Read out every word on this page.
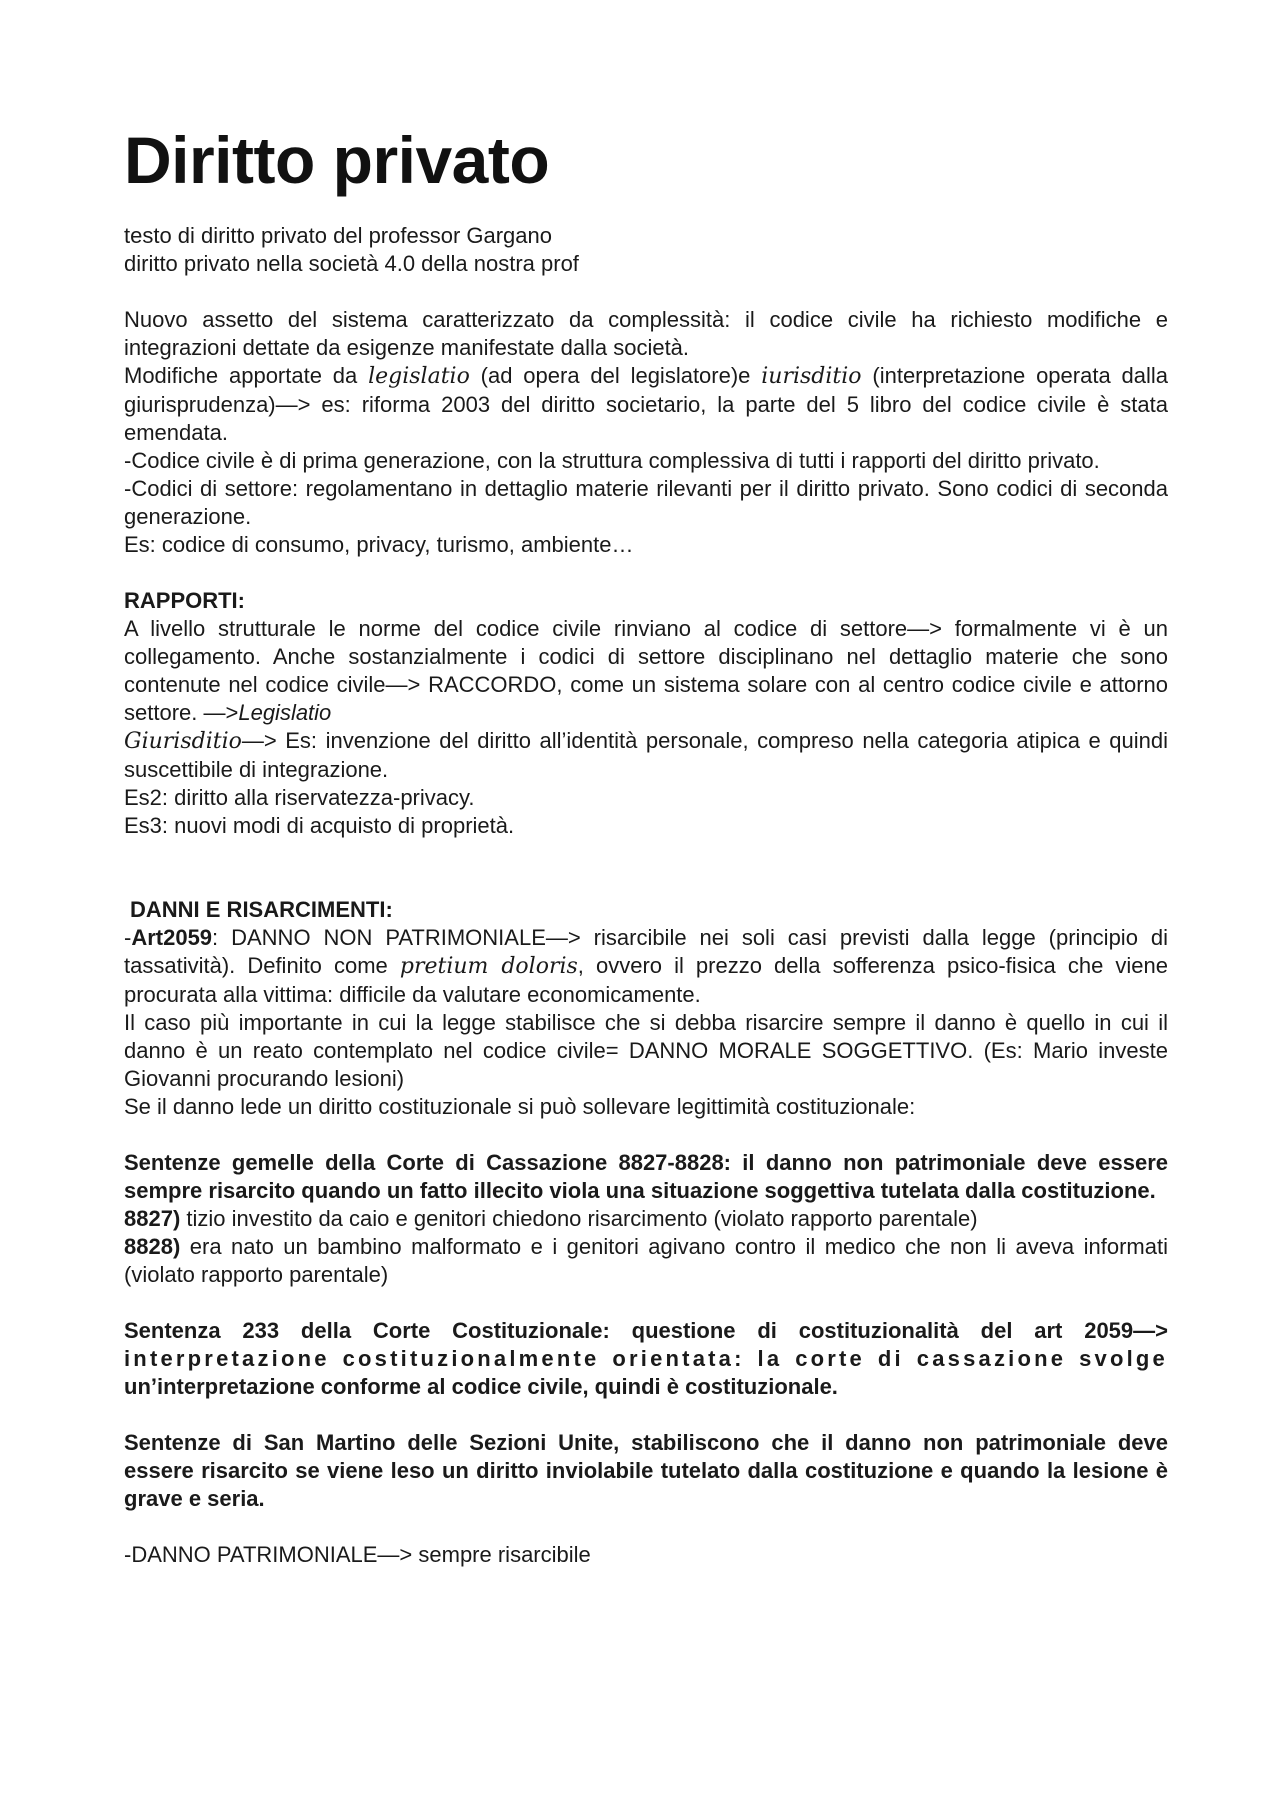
Diritto privato

testo di diritto privato del professor Gargano

diritto privato nella società 4.0 della nostra prof

Nuovo assetto del sistema caratterizzato da complessità: il codice civile ha richiesto modifiche e integrazioni dettate da esigenze manifestate dalla società.

Modifiche apportate da legislatio (ad opera del legislatore)e iurisditio (interpretazione operata dalla giurisprudenza)—> es: riforma 2003 del diritto societario, la parte del 5 libro del codice civile è stata emendata.

-Codice civile è di prima generazione, con la struttura complessiva di tutti i rapporti del diritto privato.

-Codici di settore: regolamentano in dettaglio materie rilevanti per il diritto privato. Sono codici di seconda generazione.

Es: codice di consumo, privacy, turismo, ambiente…

RAPPORTI:

A livello strutturale le norme del codice civile rinviano al codice di settore—> formalmente vi è un collegamento. Anche sostanzialmente i codici di settore disciplinano nel dettaglio materie che sono contenute nel codice civile—> RACCORDO, come un sistema solare con al centro codice civile e attorno settore. —>Legislatio

Giurisditio—> Es: invenzione del diritto all’identità personale, compreso nella categoria atipica e quindi suscettibile di integrazione.

Es2: diritto alla riservatezza-privacy.

Es3: nuovi modi di acquisto di proprietà.

DANNI E RISARCIMENTI:

-Art2059: DANNO NON PATRIMONIALE—> risarcibile nei soli casi previsti dalla legge (principio di tassatività). Definito come pretium doloris, ovvero il prezzo della sofferenza psico-fisica che viene procurata alla vittima: difficile da valutare economicamente.

Il caso più importante in cui la legge stabilisce che si debba risarcire sempre il danno è quello in cui il danno è un reato contemplato nel codice civile= DANNO MORALE SOGGETTIVO. (Es: Mario investe Giovanni procurando lesioni)

Se il danno lede un diritto costituzionale si può sollevare legittimità costituzionale:

Sentenze gemelle della Corte di Cassazione 8827-8828: il danno non patrimoniale deve essere sempre risarcito quando un fatto illecito viola una situazione soggettiva tutelata dalla costituzione.

8827) tizio investito da caio e genitori chiedono risarcimento (violato rapporto parentale)

8828) era nato un bambino malformato e i genitori agivano contro il medico che non li aveva informati (violato rapporto parentale)

Sentenza 233 della Corte Costituzionale: questione di costituzionalità del art 2059—>

interpretazione costituzionalmente orientata: la corte di cassazione svolge

un’interpretazione conforme al codice civile, quindi è costituzionale.

Sentenze di San Martino delle Sezioni Unite, stabiliscono che il danno non patrimoniale deve essere risarcito se viene leso un diritto inviolabile tutelato dalla costituzione e quando la lesione è grave e seria.

-DANNO PATRIMONIALE—> sempre risarcibile
